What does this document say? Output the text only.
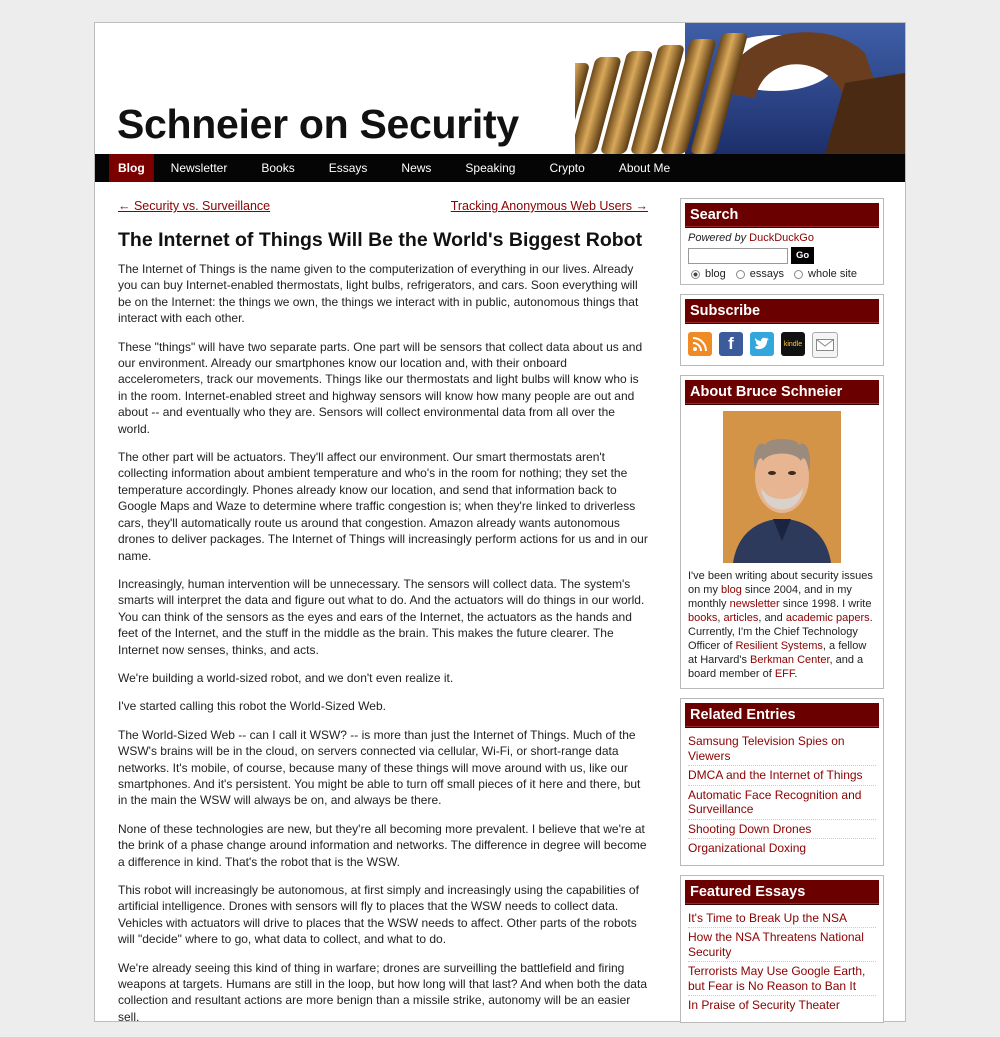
Schneier on Security
Blog	Newsletter	Books	Essays	News	Speaking	Crypto	About Me
← Security vs. Surveillance	Tracking Anonymous Web Users →
The Internet of Things Will Be the World's Biggest Robot

The Internet of Things is the name given to the computerization of everything in our lives. Already you can buy Internet-enabled thermostats, light bulbs, refrigerators, and cars. Soon everything will be on the Internet: the things we own, the things we interact with in public, autonomous things that interact with each other.

These "things" will have two separate parts. One part will be sensors that collect data about us and our environment. Already our smartphones know our location and, with their onboard accelerometers, track our movements. Things like our thermostats and light bulbs will know who is in the room. Internet-enabled street and highway sensors will know how many people are out and about -- and eventually who they are. Sensors will collect environmental data from all over the world.

The other part will be actuators. They'll affect our environment. Our smart thermostats aren't collecting information about ambient temperature and who's in the room for nothing; they set the temperature accordingly. Phones already know our location, and send that information back to Google Maps and Waze to determine where traffic congestion is; when they're linked to driverless cars, they'll automatically route us around that congestion. Amazon already wants autonomous drones to deliver packages. The Internet of Things will increasingly perform actions for us and in our name.

Increasingly, human intervention will be unnecessary. The sensors will collect data. The system's smarts will interpret the data and figure out what to do. And the actuators will do things in our world. You can think of the sensors as the eyes and ears of the Internet, the actuators as the hands and feet of the Internet, and the stuff in the middle as the brain. This makes the future clearer. The Internet now senses, thinks, and acts.

We're building a world-sized robot, and we don't even realize it.

I've started calling this robot the World-Sized Web.

The World-Sized Web -- can I call it WSW? -- is more than just the Internet of Things. Much of the WSW's brains will be in the cloud, on servers connected via cellular, Wi-Fi, or short-range data networks. It's mobile, of course, because many of these things will move around with us, like our smartphones. And it's persistent. You might be able to turn off small pieces of it here and there, but in the main the WSW will always be on, and always be there.

None of these technologies are new, but they're all becoming more prevalent. I believe that we're at the brink of a phase change around information and networks. The difference in degree will become a difference in kind. That's the robot that is the WSW.

This robot will increasingly be autonomous, at first simply and increasingly using the capabilities of artificial intelligence. Drones with sensors will fly to places that the WSW needs to collect data. Vehicles with actuators will drive to places that the WSW needs to affect. Other parts of the robots will "decide" where to go, what data to collect, and what to do.

We're already seeing this kind of thing in warfare; drones are surveilling the battlefield and firing weapons at targets. Humans are still in the loop, but how long will that last? And when both the data collection and resultant actions are more benign than a missile strike, autonomy will be an easier sell.

Search
Powered by DuckDuckGo
Go
blog essays whole site
Subscribe
f	kindle
About Bruce Schneier
I've been writing about security issues on my blog since 2004, and in my monthly newsletter since 1998. I write books, articles, and academic papers. Currently, I'm the Chief Technology Officer of Resilient Systems, a fellow at Harvard's Berkman Center, and a board member of EFF.
Related Entries
Samsung Television Spies on Viewers
DMCA and the Internet of Things
Automatic Face Recognition and Surveillance
Shooting Down Drones
Organizational Doxing
Featured Essays
It's Time to Break Up the NSA
How the NSA Threatens National Security
Terrorists May Use Google Earth, but Fear is No Reason to Ban It
In Praise of Security Theater
